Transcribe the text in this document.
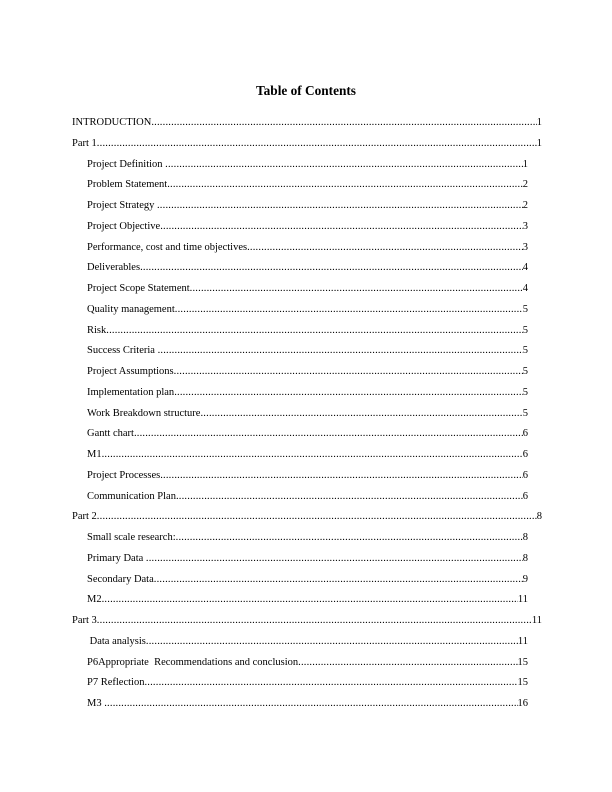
Table of Contents
INTRODUCTION .....	1
Part 1 .....	1
Project Definition .....	1
Problem Statement .....	2
Project Strategy .....	2
Project Objective .....	3
Performance, cost and time objectives .....	3
Deliverables .....	4
Project Scope Statement .....	4
Quality management .....	5
Risk .....	5
Success Criteria .....	5
Project Assumptions .....	5
Implementation plan .....	5
Work Breakdown structure .....	5
Gantt chart .....	6
M1 .....	6
Project Processes .....	6
Communication Plan .....	6
Part 2 .....	8
Small scale research: .....	8
Primary Data .....	8
Secondary Data .....	9
M2 .....	11
Part 3 .....	11
Data analysis .....	11
P6Appropriate  Recommendations and conclusion .....	15
P7 Reflection .....	15
M3 .....	16
